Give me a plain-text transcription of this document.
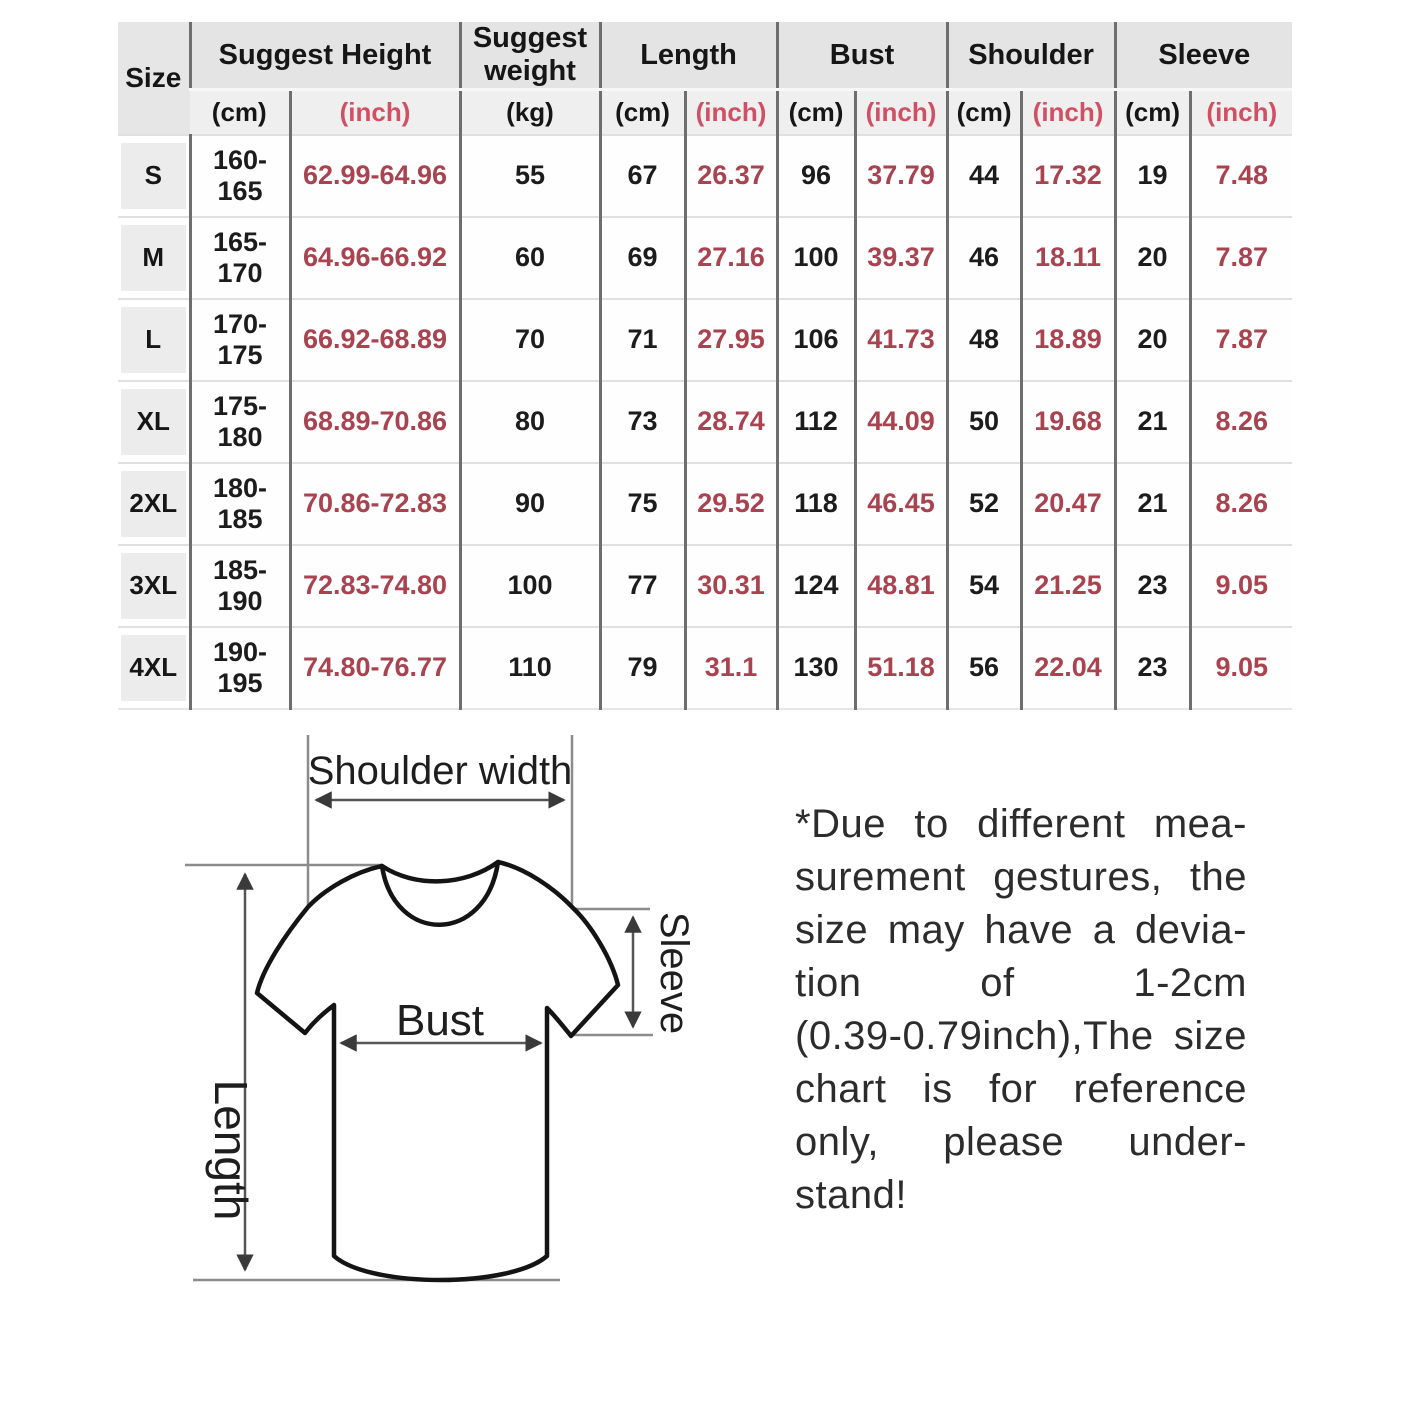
Size	Suggest Height		Suggest weight	Length		Bust		Shoulder		Sleeve	
	(cm)	(inch)	(kg)	(cm)	(inch)	(cm)	(inch)	(cm)	(inch)	(cm)	(inch)

S	160-165	62.99-64.96	55	67	26.37	96	37.79	44	17.32	19	7.48

M	165-170	64.96-66.92	60	69	27.16	100	39.37	46	18.11	20	7.87

L	170-175	66.92-68.89	70	71	27.95	106	41.73	48	18.89	20	7.87

XL	175-180	68.89-70.86	80	73	28.74	112	44.09	50	19.68	21	8.26

2XL	180-185	70.86-72.83	90	75	29.52	118	46.45	52	20.47	21	8.26

3XL	185-190	72.83-74.80	100	77	30.31	124	48.81	54	21.25	23	9.05

4XL	190-195	74.80-76.77	110	79	31.1	130	51.18	56	22.04	23	9.05
Shoulder width
Bust	Sleeve
Length
*Due to different mea-
surement gestures, the
size may have a devia-
tion of 1-2cm
(0.39-0.79inch),The size
chart is for reference
only, please under-
stand!
